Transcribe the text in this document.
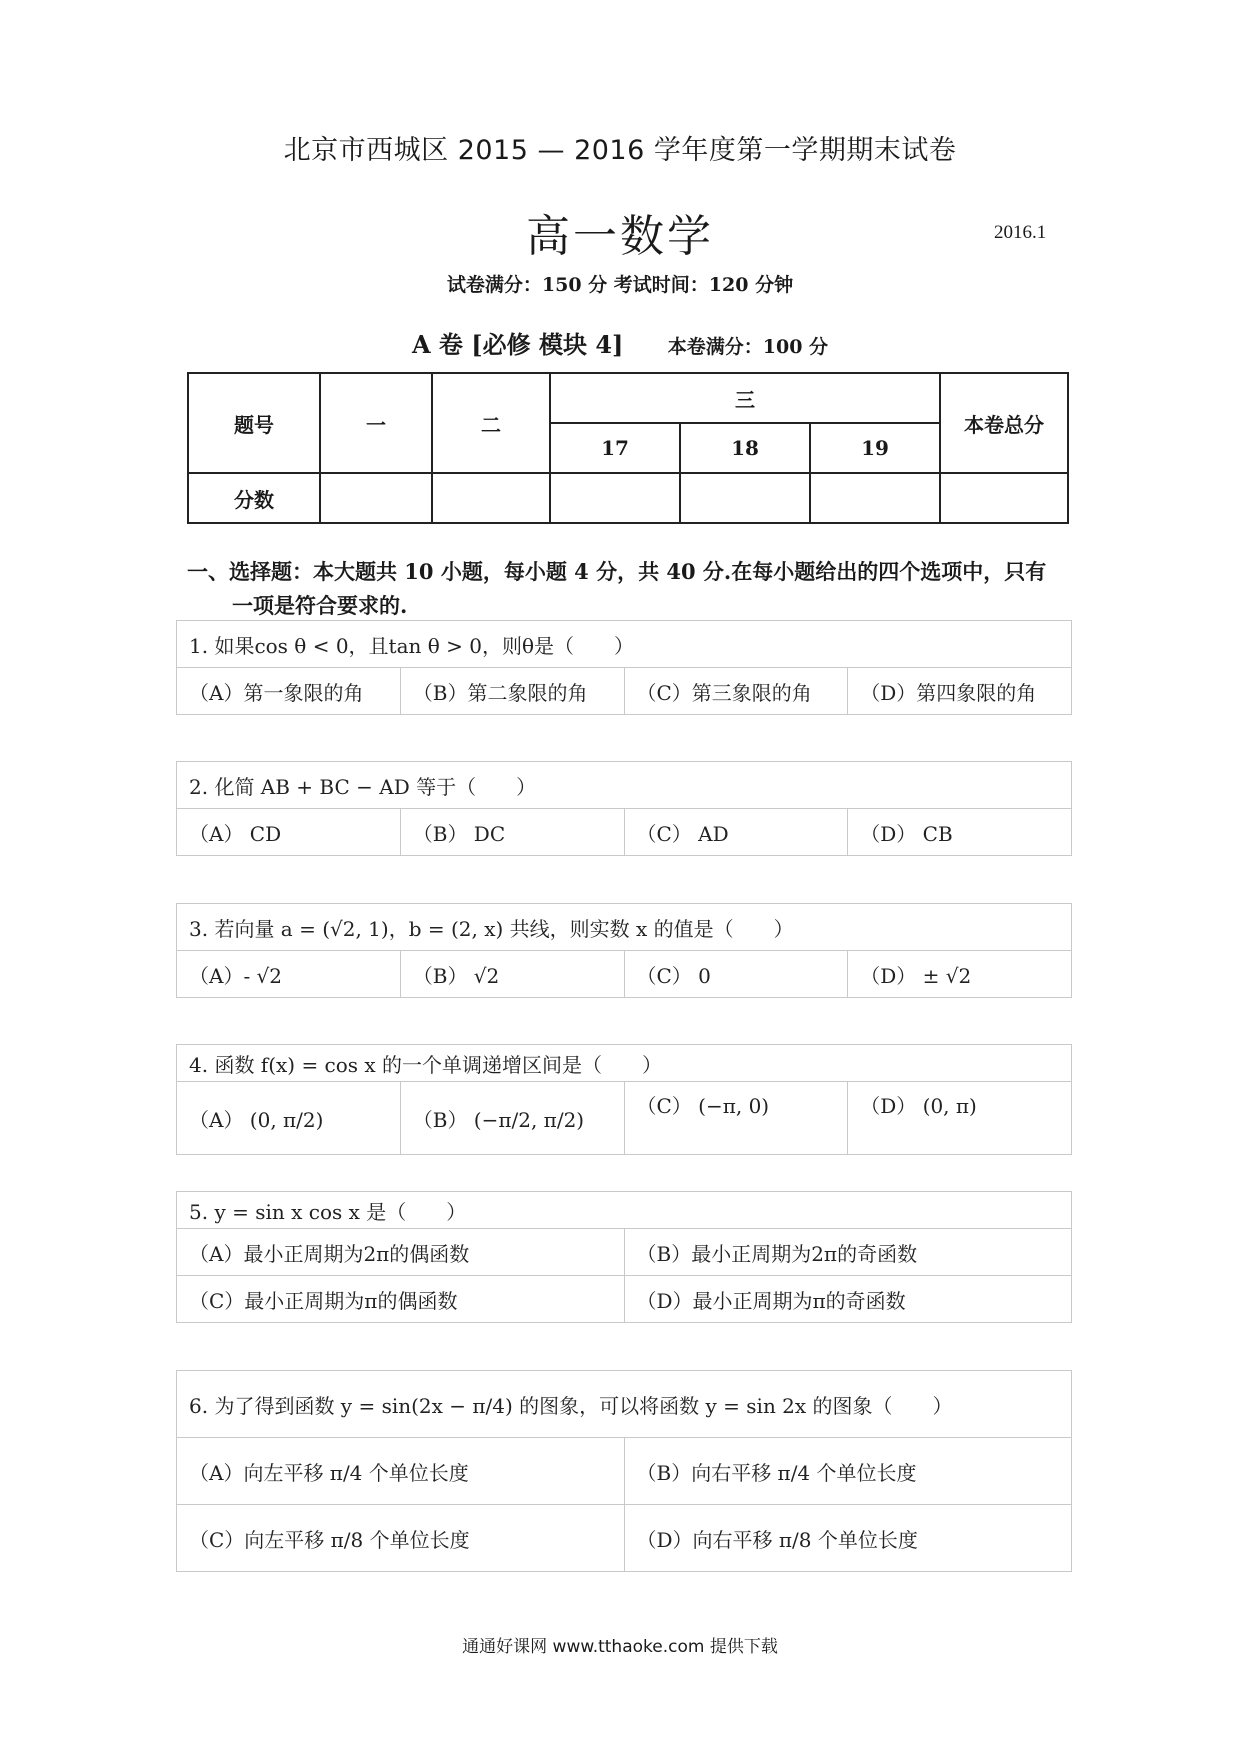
北京市西城区 2015 — 2016 学年度第一学期期末试卷
高一数学	2016.1
试卷满分：150 分 考试时间：120 分钟
A 卷 [必修 模块 4] 本卷满分：100 分
题号	一	二	三			本卷总分
			17	18	19	
分数						
一、选择题：本大题共 10 小题，每小题 4 分，共 40 分.在每小题给出的四个选项中，只有
一项是符合要求的.
1. 如果cos θ < 0，且tan θ > 0，则θ是（　　）
（A）第一象限的角	（B）第二象限的角	（C）第三象限的角	（D）第四象限的角
2. 化简 AB + BC − AD 等于（　　）
（A） CD	（B） DC	（C） AD	（D） CB
3. 若向量 a = (√2, 1)，b = (2, x) 共线，则实数 x 的值是（　　）
（A）- √2	（B） √2	（C） 0	（D） ± √2
4. 函数 f(x) = cos x 的一个单调递增区间是（　　）
（A） (0, π/2)	（B） (−π/2, π/2)	（C） (−π, 0)	（D） (0, π)
5. y = sin x cos x 是（　　）	
（A）最小正周期为2π的偶函数	（B）最小正周期为2π的奇函数
（C）最小正周期为π的偶函数	（D）最小正周期为π的奇函数
6. 为了得到函数 y = sin(2x − π/4) 的图象，可以将函数 y = sin 2x 的图象（　　）	
（A）向左平移 π/4 个单位长度	（B）向右平移 π/4 个单位长度
（C）向左平移 π/8 个单位长度	（D）向右平移 π/8 个单位长度
通通好课网 www.tthaoke.com 提供下载
